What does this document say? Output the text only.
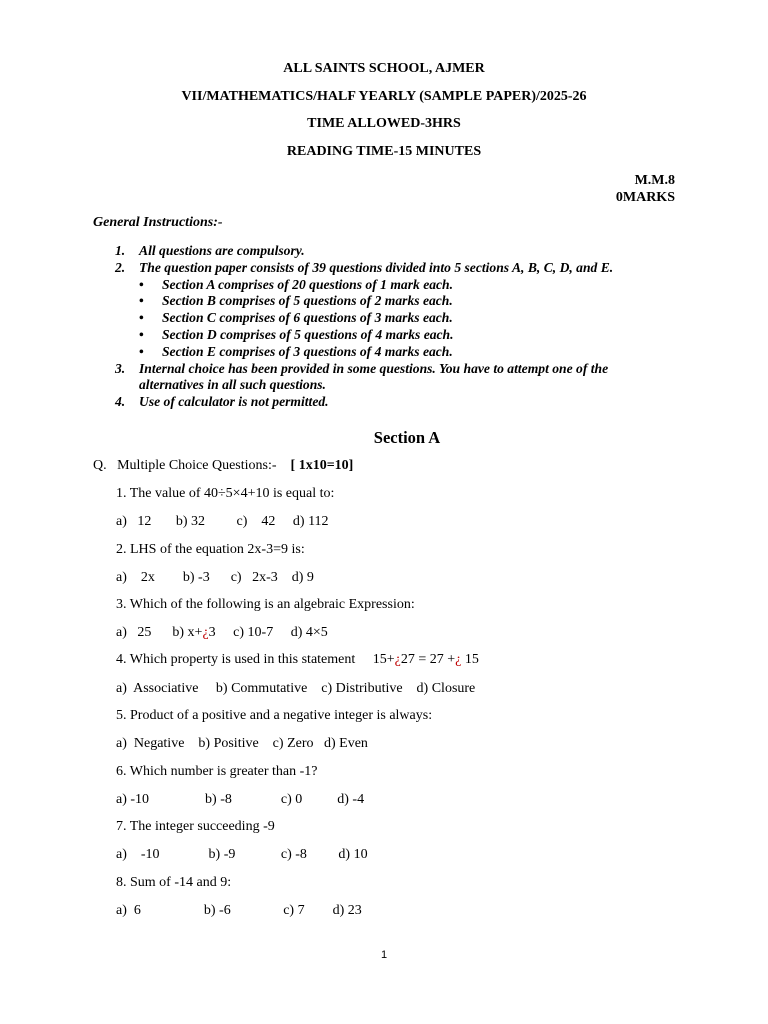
ALL SAINTS SCHOOL, AJMER
VII/MATHEMATICS/HALF YEARLY (SAMPLE PAPER)/2025-26
TIME ALLOWED-3HRS
READING TIME-15 MINUTES
M.M.8
0MARKS
General Instructions:-
1. All questions are compulsory.
2. The question paper consists of 39 questions divided into 5 sections A, B, C, D, and E.
• Section A comprises of 20 questions of 1 mark each.
• Section B comprises of 5 questions of 2 marks each.
• Section C comprises of 6 questions of 3 marks each.
• Section D comprises of 5 questions of 4 marks each.
• Section E comprises of 3 questions of 4 marks each.
3. Internal choice has been provided in some questions. You have to attempt one of the alternatives in all such questions.
4. Use of calculator is not permitted.
Section A
Q.   Multiple Choice Questions:-    [ 1x10=10]
1. The value of 40÷5×4+10 is equal to:
a)   12       b) 32         c)    42     d) 112
2. LHS of the equation 2x-3=9 is:
a)    2x        b) -3      c)   2x-3    d) 9
3. Which of the following is an algebraic Expression:
a)   25      b) x+¿3     c) 10-7     d) 4×5
4. Which property is used in this statement     15+¿27 = 27 +¿ 15
a)  Associative     b) Commutative    c) Distributive    d) Closure
5. Product of a positive and a negative integer is always:
a)  Negative    b) Positive    c) Zero   d) Even
6. Which number is greater than -1?
a) -10                b) -8              c) 0          d) -4
7. The integer succeeding -9
a)    -10              b) -9             c) -8         d) 10
8. Sum of -14 and 9:
a)  6                  b) -6               c) 7        d) 23
1
